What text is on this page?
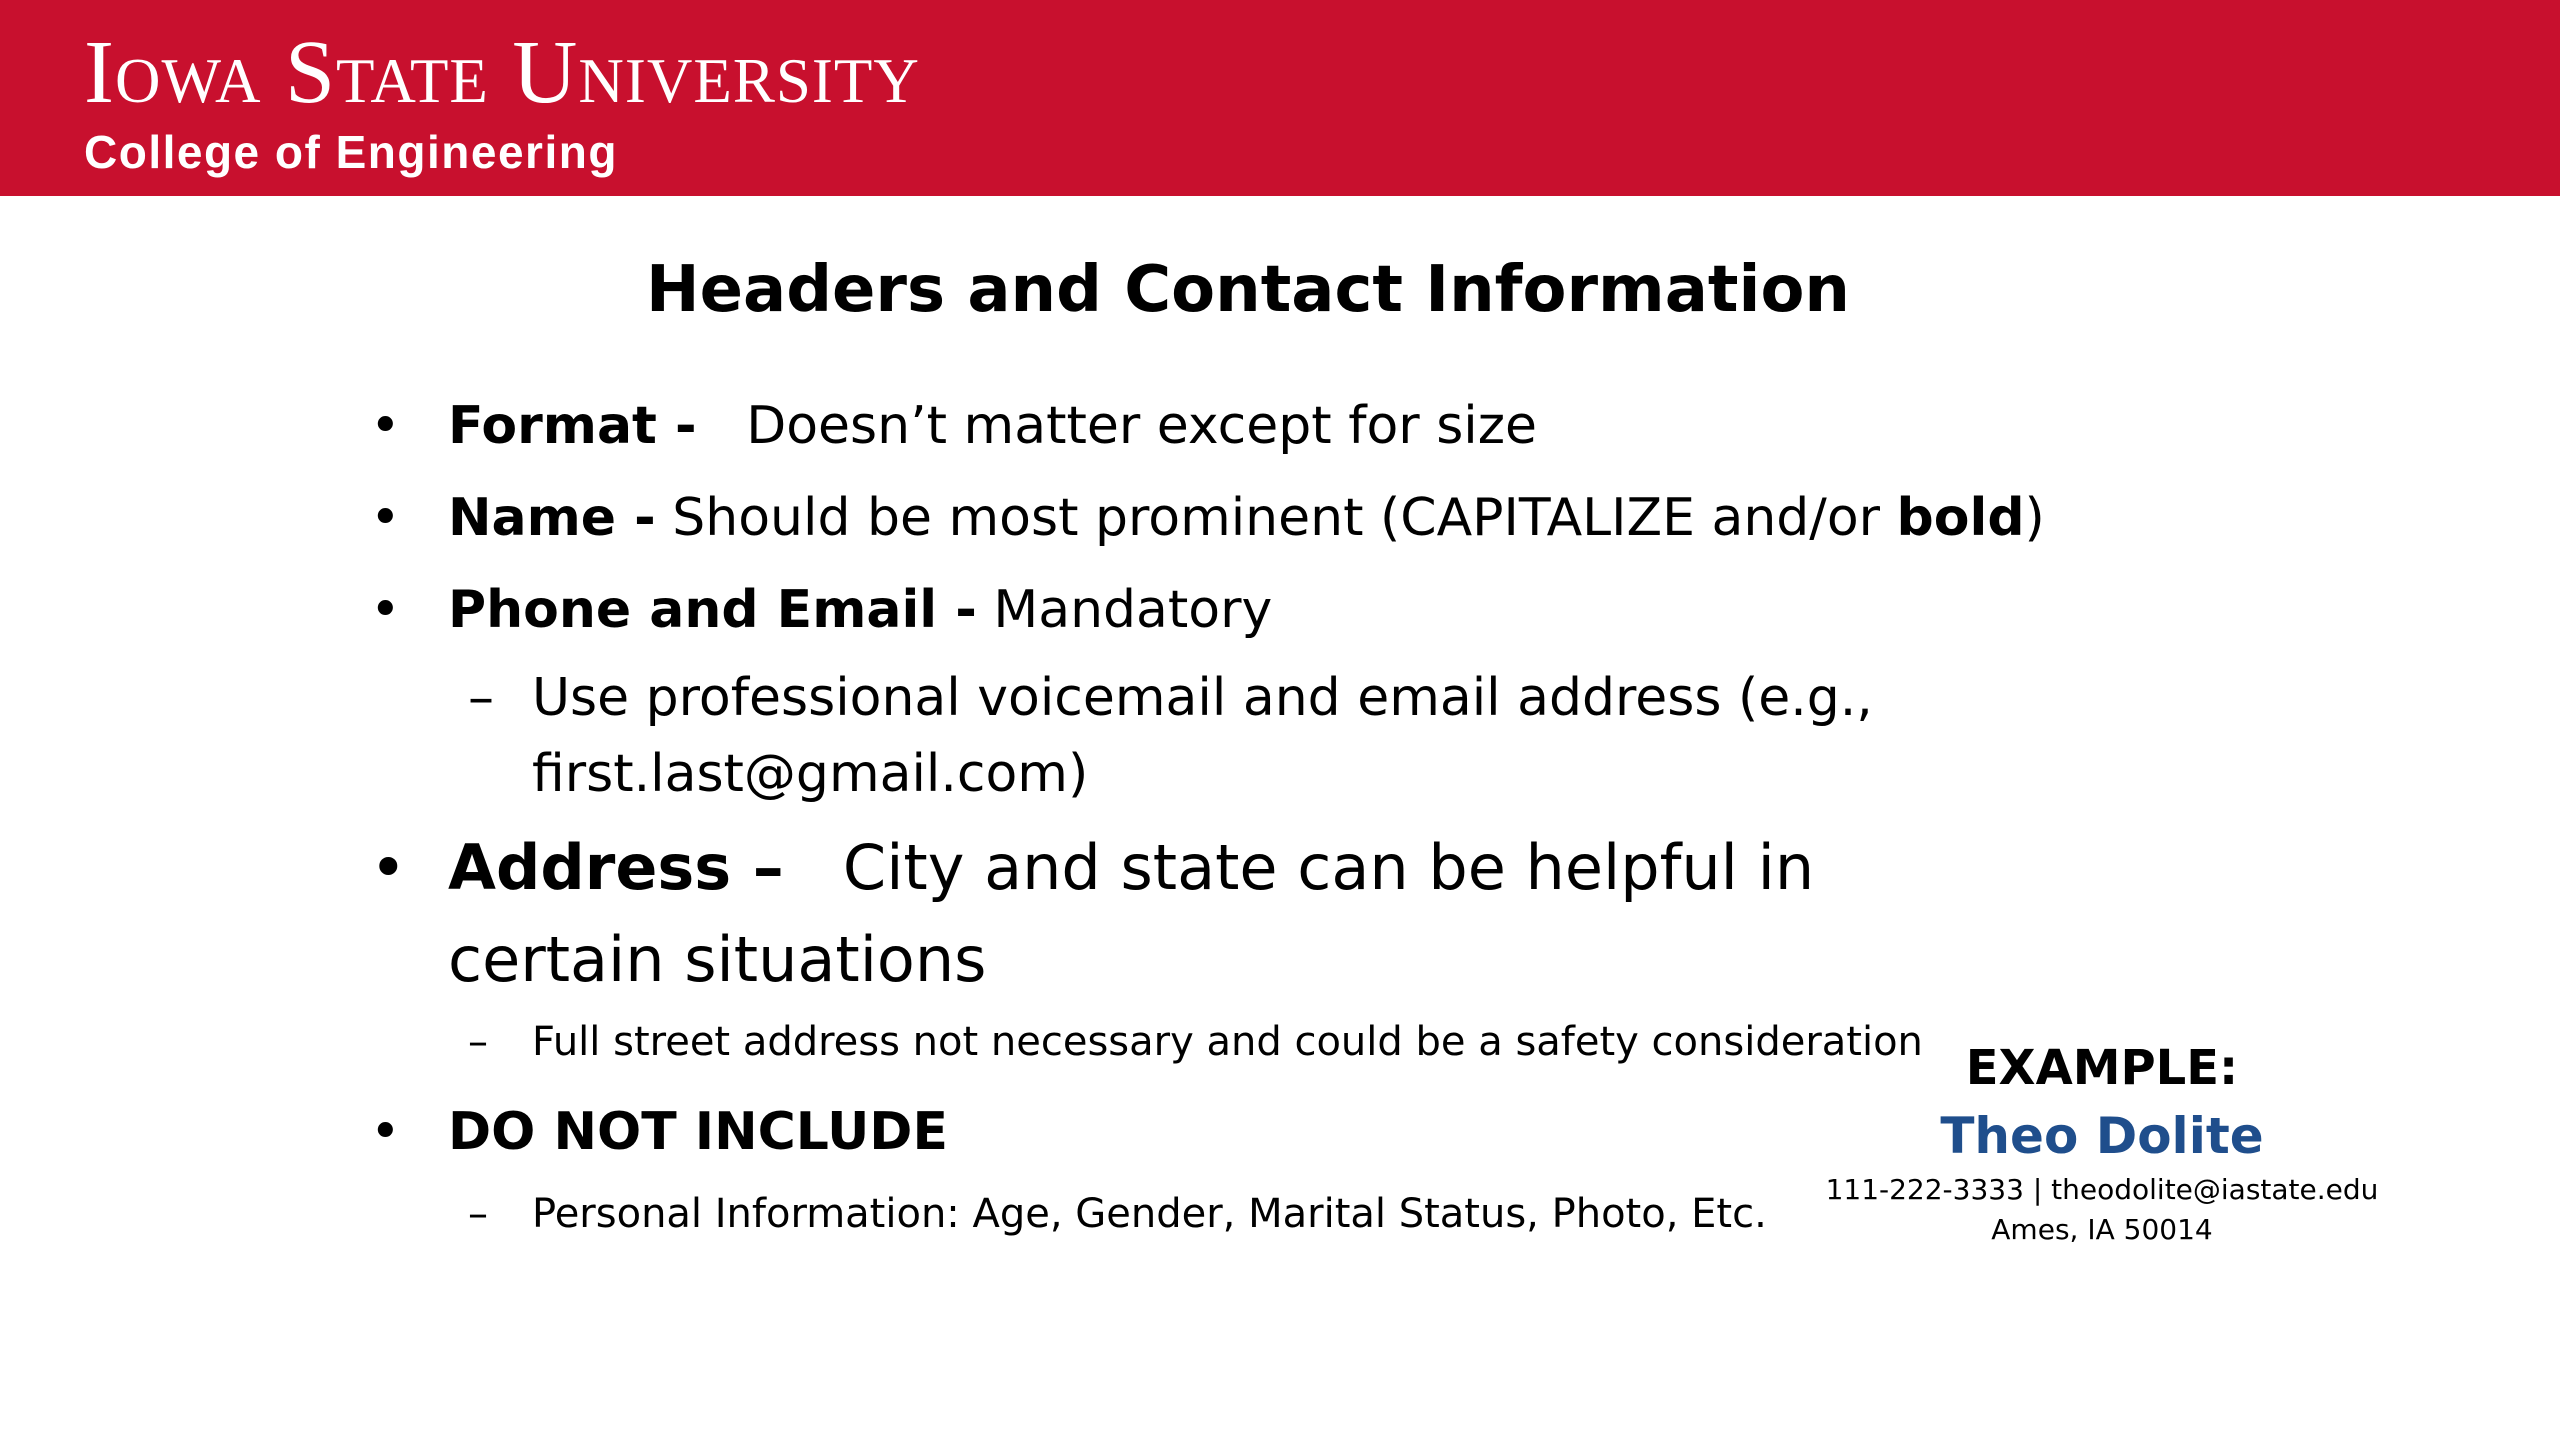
Iowa State University
College of Engineering
Headers and Contact Information
• Format - Doesn’t matter except for size
• Name - Should be most prominent (CAPITALIZE and/or bold)
• Phone and Email - Mandatory
– Use professional voicemail and email address (e.g., first.last@gmail.com)
• Address – City and state can be helpful in certain situations
– Full street address not necessary and could be a safety consideration
• DO NOT INCLUDE
– Personal Information: Age, Gender, Marital Status, Photo, Etc.
EXAMPLE:
Theo Dolite
111-222-3333 | theodolite@iastate.edu
Ames, IA 50014
